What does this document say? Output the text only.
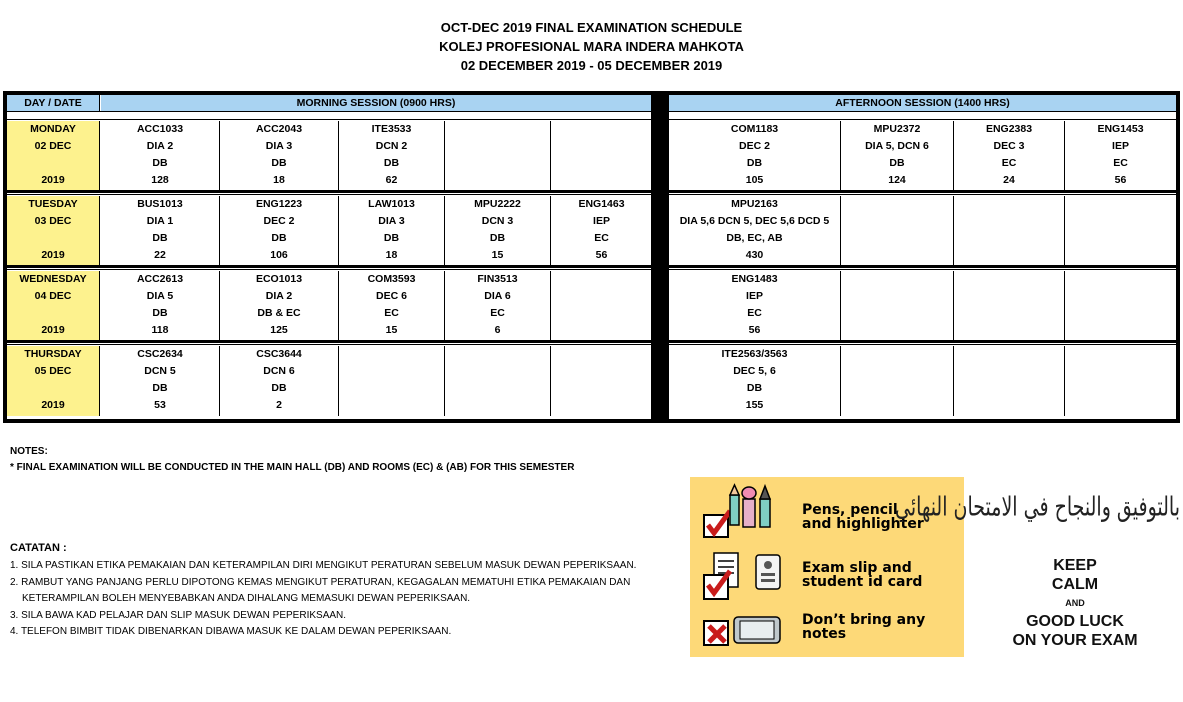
OCT-DEC 2019 FINAL EXAMINATION SCHEDULE
KOLEJ PROFESIONAL MARA INDERA MAHKOTA
02 DECEMBER 2019 - 05 DECEMBER 2019
DAY / DATE	MORNING SESSION (0900 HRS)
MONDAY
02 DEC
2019
ACC1033
DIA 2
DB
128
ACC2043
DIA 3
DB
18
ITE3533
DCN 2
DB
62
TUESDAY
03 DEC
2019
BUS1013
DIA 1
DB
22
ENG1223
DEC 2
DB
106
LAW1013
DIA 3
DB
18
MPU2222
DCN 3
DB
15
ENG1463
IEP
EC
56
WEDNESDAY
04 DEC
2019
ACC2613
DIA 5
DB
118
ECO1013
DIA 2
DB & EC
125
COM3593
DEC 6
EC
15
FIN3513
DIA 6
EC
6
THURSDAY
05 DEC
2019
CSC2634
DCN 5
DB
53
CSC3644
DCN 6
DB
2
AFTERNOON SESSION (1400 HRS)
COM1183
DEC 2
DB
105
MPU2372
DIA 5, DCN 6
DB
124
ENG2383
DEC 3
EC
24
ENG1453
IEP
EC
56
MPU2163
DIA 5,6 DCN 5, DEC 5,6 DCD 5
DB, EC, AB
430
ENG1483
IEP
EC
56
ITE2563/3563
DEC 5, 6
DB
155
NOTES:
* FINAL EXAMINATION WILL BE CONDUCTED IN THE MAIN HALL (DB) AND ROOMS (EC) & (AB) FOR THIS SEMESTER
CATATAN :
1. SILA PASTIKAN ETIKA PEMAKAIAN DAN KETERAMPILAN DIRI MENGIKUT PERATURAN SEBELUM MASUK DEWAN PEPERIKSAAN.
2. RAMBUT YANG PANJANG PERLU DIPOTONG KEMAS MENGIKUT PERATURAN, KEGAGALAN MEMATUHI ETIKA PEMAKAIAN DAN KETERAMPILAN BOLEH MENYEBABKAN ANDA DIHALANG MEMASUKI DEWAN PEPERIKSAAN.
3. SILA BAWA KAD PELAJAR DAN SLIP MASUK DEWAN PEPERIKSAAN.
4. TELEFON BIMBIT TIDAK DIBENARKAN DIBAWA MASUK KE DALAM DEWAN PEPERIKSAAN.
Pens, pencil
and highlighter
Exam slip and
student id card
Don’t bring any
notes
بالتوفيق والنجاح في الامتحان النهائي
KEEP
CALM
AND
GOOD LUCK
ON YOUR EXAM
